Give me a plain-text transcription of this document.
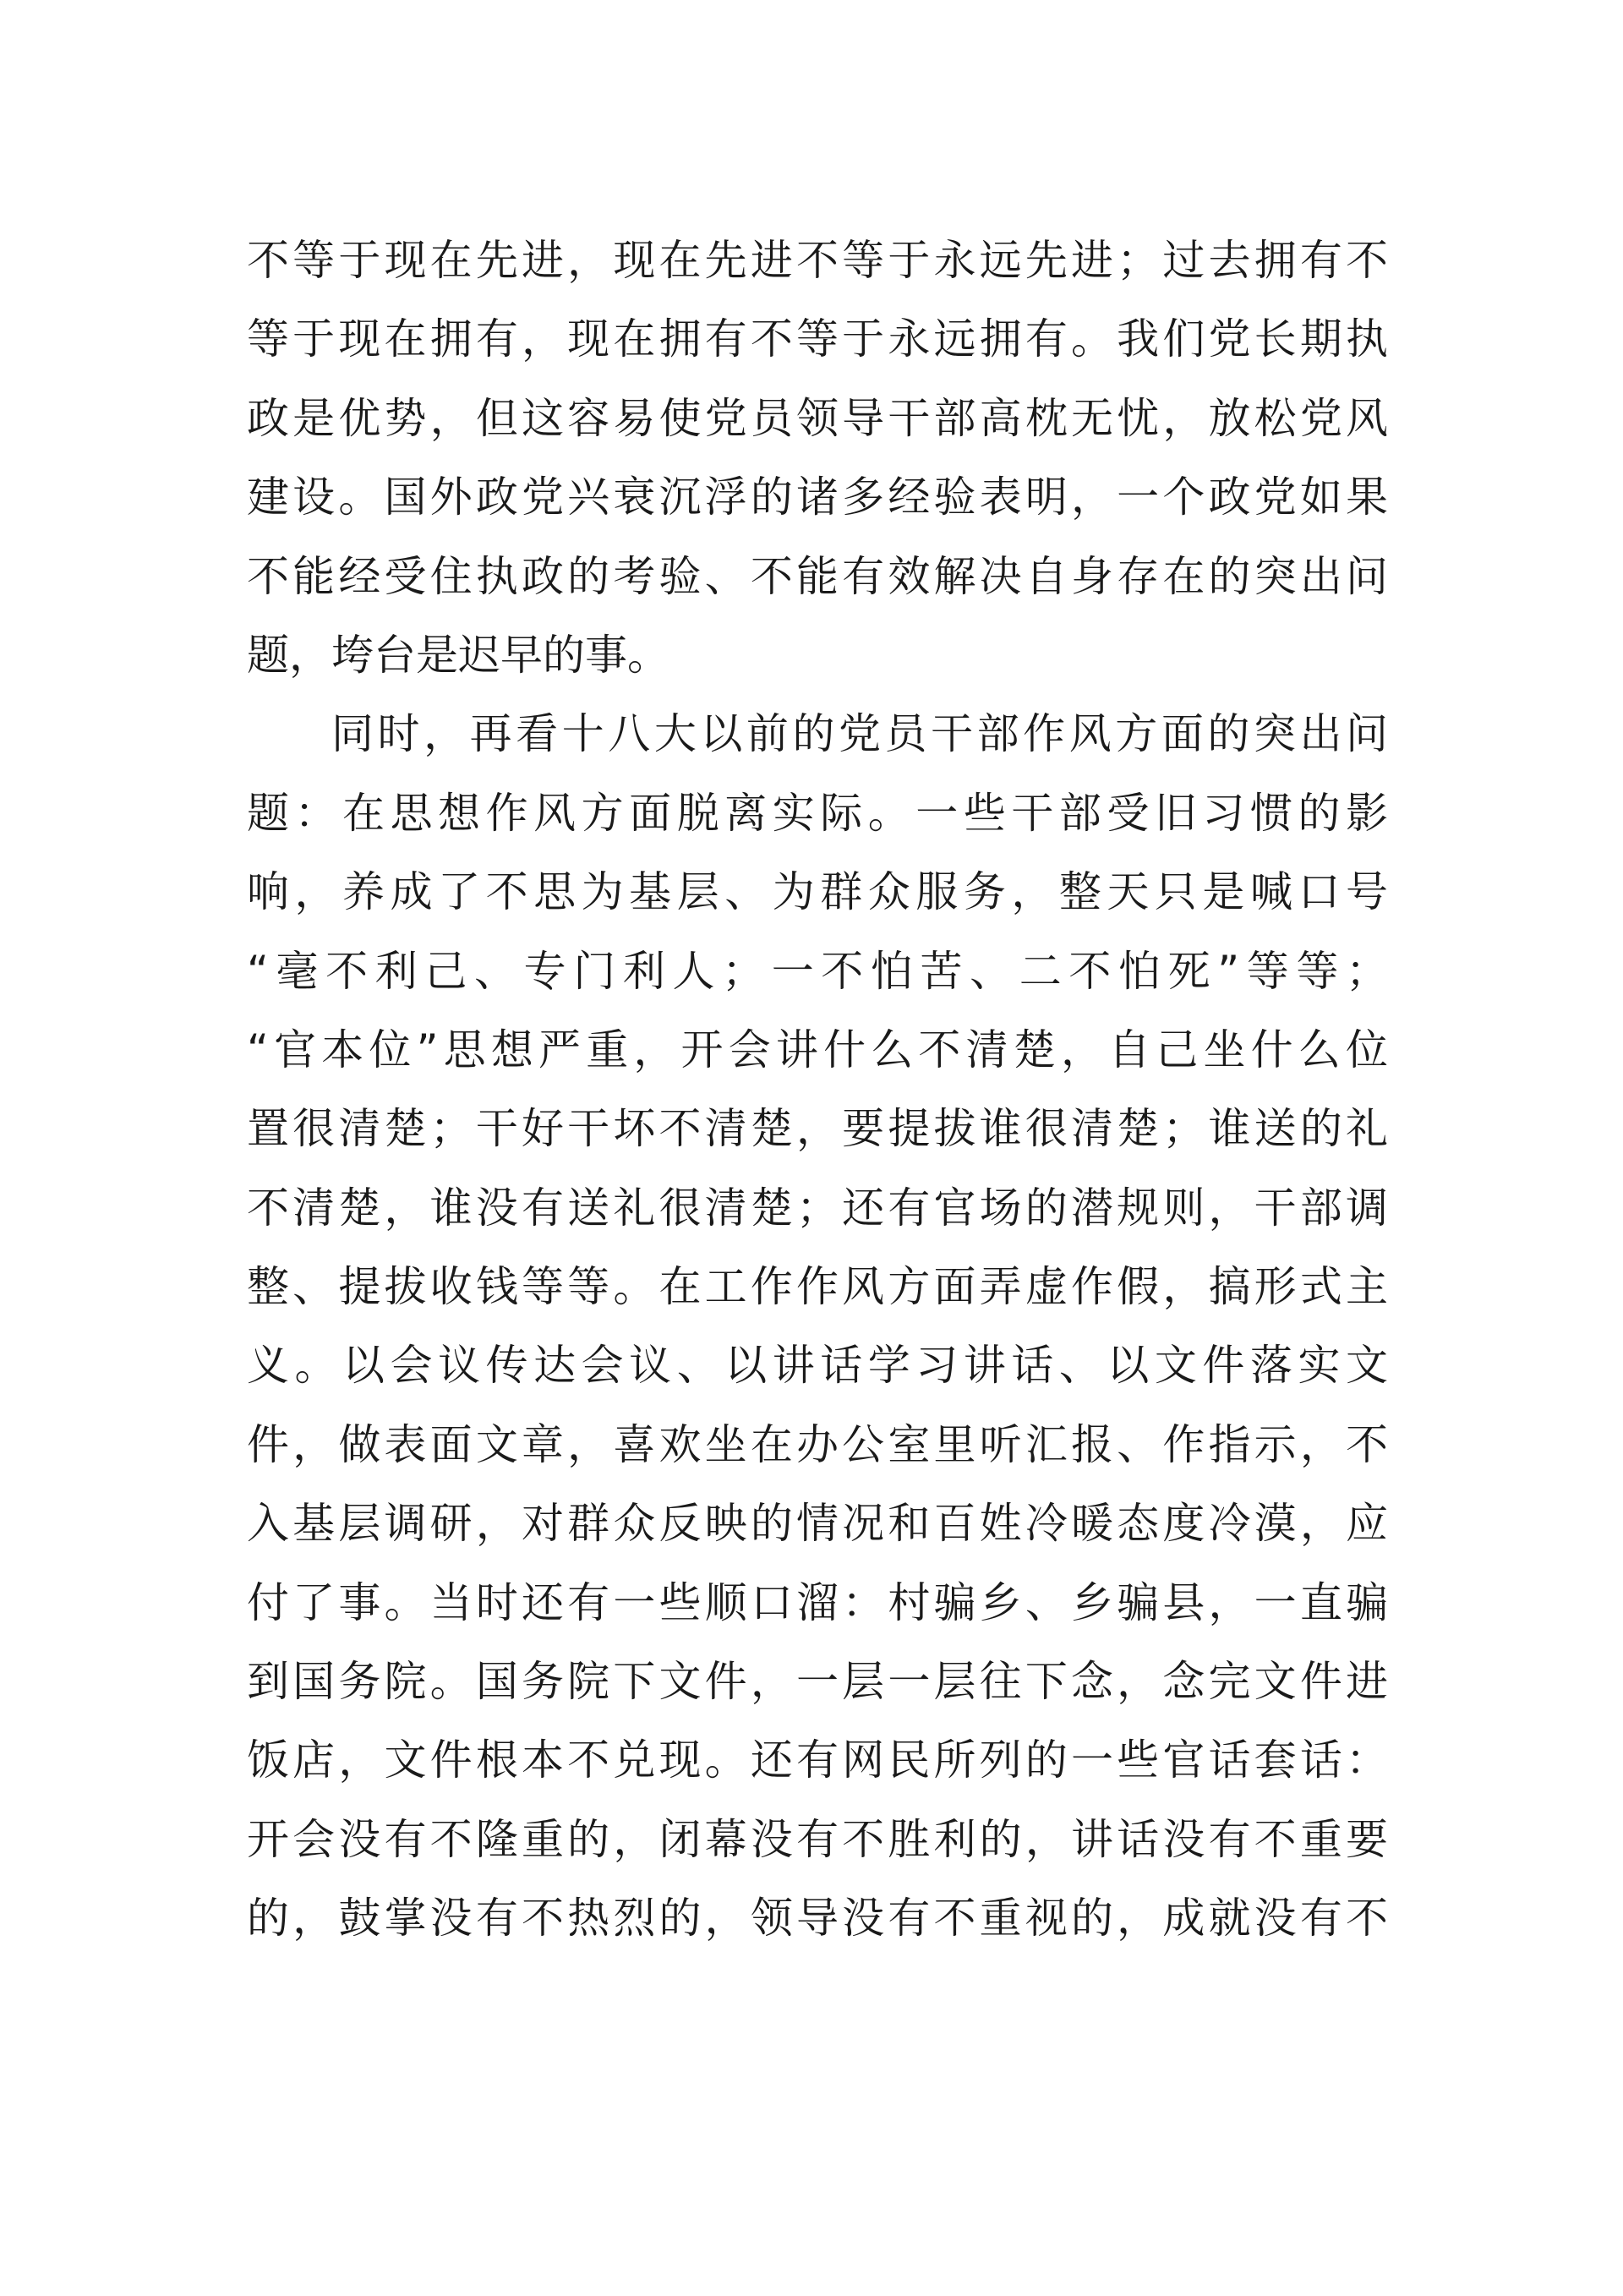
不等于现在先进，现在先进不等于永远先进；过去拥有不
等于现在拥有，现在拥有不等于永远拥有。我们党长期执
政是优势，但这容易使党员领导干部高枕无忧，放松党风
建设。国外政党兴衰沉浮的诸多经验表明，一个政党如果
不能经受住执政的考验、不能有效解决自身存在的突出问
题，垮台是迟早的事。
同时，再看十八大以前的党员干部作风方面的突出问
题：在思想作风方面脱离实际。一些干部受旧习惯的影
响，养成了不思为基层、为群众服务，整天只是喊口号
“毫不利己、专门利人；一不怕苦、二不怕死”等等；
“官本位”思想严重，开会讲什么不清楚，自己坐什么位
置很清楚；干好干坏不清楚，要提拔谁很清楚；谁送的礼
不清楚，谁没有送礼很清楚；还有官场的潜规则，干部调
整、提拔收钱等等。在工作作风方面弄虚作假，搞形式主
义。以会议传达会议、以讲话学习讲话、以文件落实文
件，做表面文章，喜欢坐在办公室里听汇报、作指示，不
入基层调研，对群众反映的情况和百姓冷暖态度冷漠，应
付了事。当时还有一些顺口溜：村骗乡、乡骗县，一直骗
到国务院。国务院下文件，一层一层往下念，念完文件进
饭店，文件根本不兑现。还有网民所列的一些官话套话：
开会没有不隆重的，闭幕没有不胜利的，讲话没有不重要
的，鼓掌没有不热烈的，领导没有不重视的，成就没有不
